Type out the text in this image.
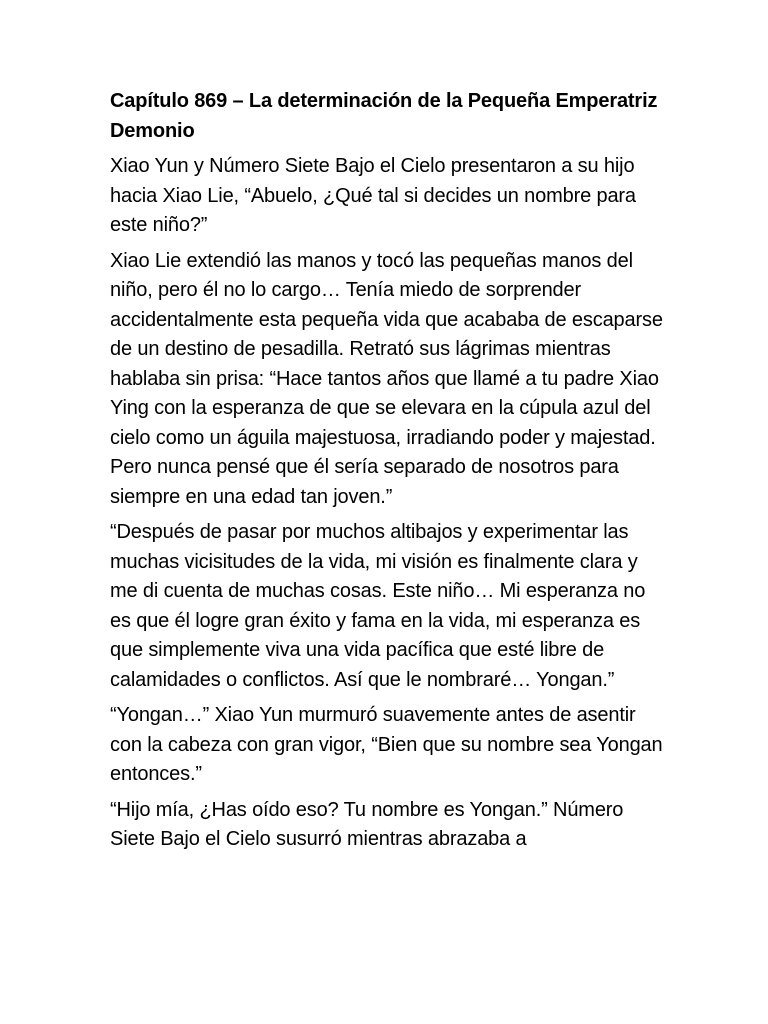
Capítulo 869 – La determinación de la Pequeña Emperatriz Demonio
Xiao Yun y Número Siete Bajo el Cielo presentaron a su hijo hacia Xiao Lie, “Abuelo, ¿Qué tal si decides un nombre para este niño?”
Xiao Lie extendió las manos y tocó las pequeñas manos del niño, pero él no lo cargo… Tenía miedo de sorprender accidentalmente esta pequeña vida que acababa de escaparse de un destino de pesadilla. Retrató sus lágrimas mientras hablaba sin prisa: “Hace tantos años que llamé a tu padre Xiao Ying con la esperanza de que se elevara en la cúpula azul del cielo como un águila majestuosa, irradiando poder y majestad. Pero nunca pensé que él sería separado de nosotros para siempre en una edad tan joven.”
“Después de pasar por muchos altibajos y experimentar las muchas vicisitudes de la vida, mi visión es finalmente clara y me di cuenta de muchas cosas. Este niño… Mi esperanza no es que él logre gran éxito y fama en la vida, mi esperanza es que simplemente viva una vida pacífica que esté libre de calamidades o conflictos. Así que le nombraré… Yongan.”
“Yongan…” Xiao Yun murmuró suavemente antes de asentir con la cabeza con gran vigor, “Bien que su nombre sea Yongan entonces.”
“Hijo mía, ¿Has oído eso? Tu nombre es Yongan.” Número Siete Bajo el Cielo susurró mientras abrazaba a
